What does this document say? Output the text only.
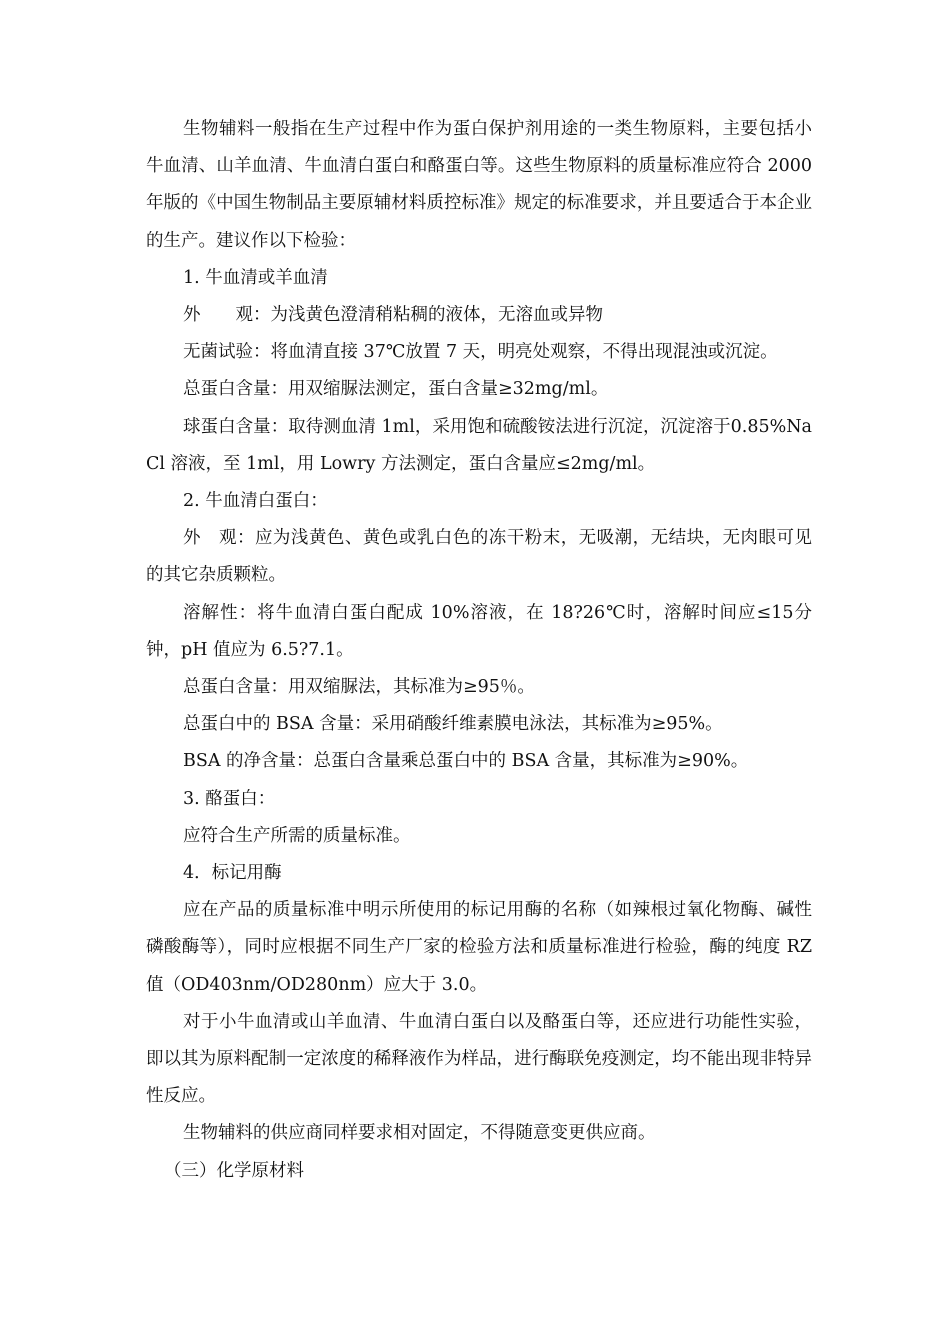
生物辅料一般指在生产过程中作为蛋白保护剂用途的一类生物原料，主要包括小牛血清、山羊血清、牛血清白蛋白和酪蛋白等。这些生物原料的质量标准应符合 2000 年版的《中国生物制品主要原辅材料质控标准》规定的标准要求，并且要适合于本企业的生产。建议作以下检验：

1. 牛血清或羊血清

外　　观：为浅黄色澄清稍粘稠的液体，无溶血或异物

无菌试验：将血清直接 37℃放置 7 天，明亮处观察，不得出现混浊或沉淀。

总蛋白含量：用双缩脲法测定，蛋白含量≥32mg/ml。

球蛋白含量：取待测血清 1ml，采用饱和硫酸铵法进行沉淀，沉淀溶于0.85%NaCl 溶液，至 1ml，用 Lowry 方法测定，蛋白含量应≤2mg/ml。

2. 牛血清白蛋白：

外　观：应为浅黄色、黄色或乳白色的冻干粉末，无吸潮，无结块，无肉眼可见的其它杂质颗粒。

溶解性：将牛血清白蛋白配成 10%溶液，在 18?26℃时，溶解时间应≤15分钟，pH 值应为 6.5?7.1。

总蛋白含量：用双缩脲法，其标准为≥95％。

总蛋白中的 BSA 含量：采用硝酸纤维素膜电泳法，其标准为≥95%。

BSA 的净含量：总蛋白含量乘总蛋白中的 BSA 含量，其标准为≥90%。

3. 酪蛋白：

应符合生产所需的质量标准。

4．标记用酶

应在产品的质量标准中明示所使用的标记用酶的名称（如辣根过氧化物酶、碱性磷酸酶等），同时应根据不同生产厂家的检验方法和质量标准进行检验，酶的纯度 RZ 值（OD403nm/OD280nm）应大于 3.0。

对于小牛血清或山羊血清、牛血清白蛋白以及酪蛋白等，还应进行功能性实验，即以其为原料配制一定浓度的稀释液作为样品，进行酶联免疫测定，均不能出现非特异性反应。

生物辅料的供应商同样要求相对固定，不得随意变更供应商。

（三）化学原材料
